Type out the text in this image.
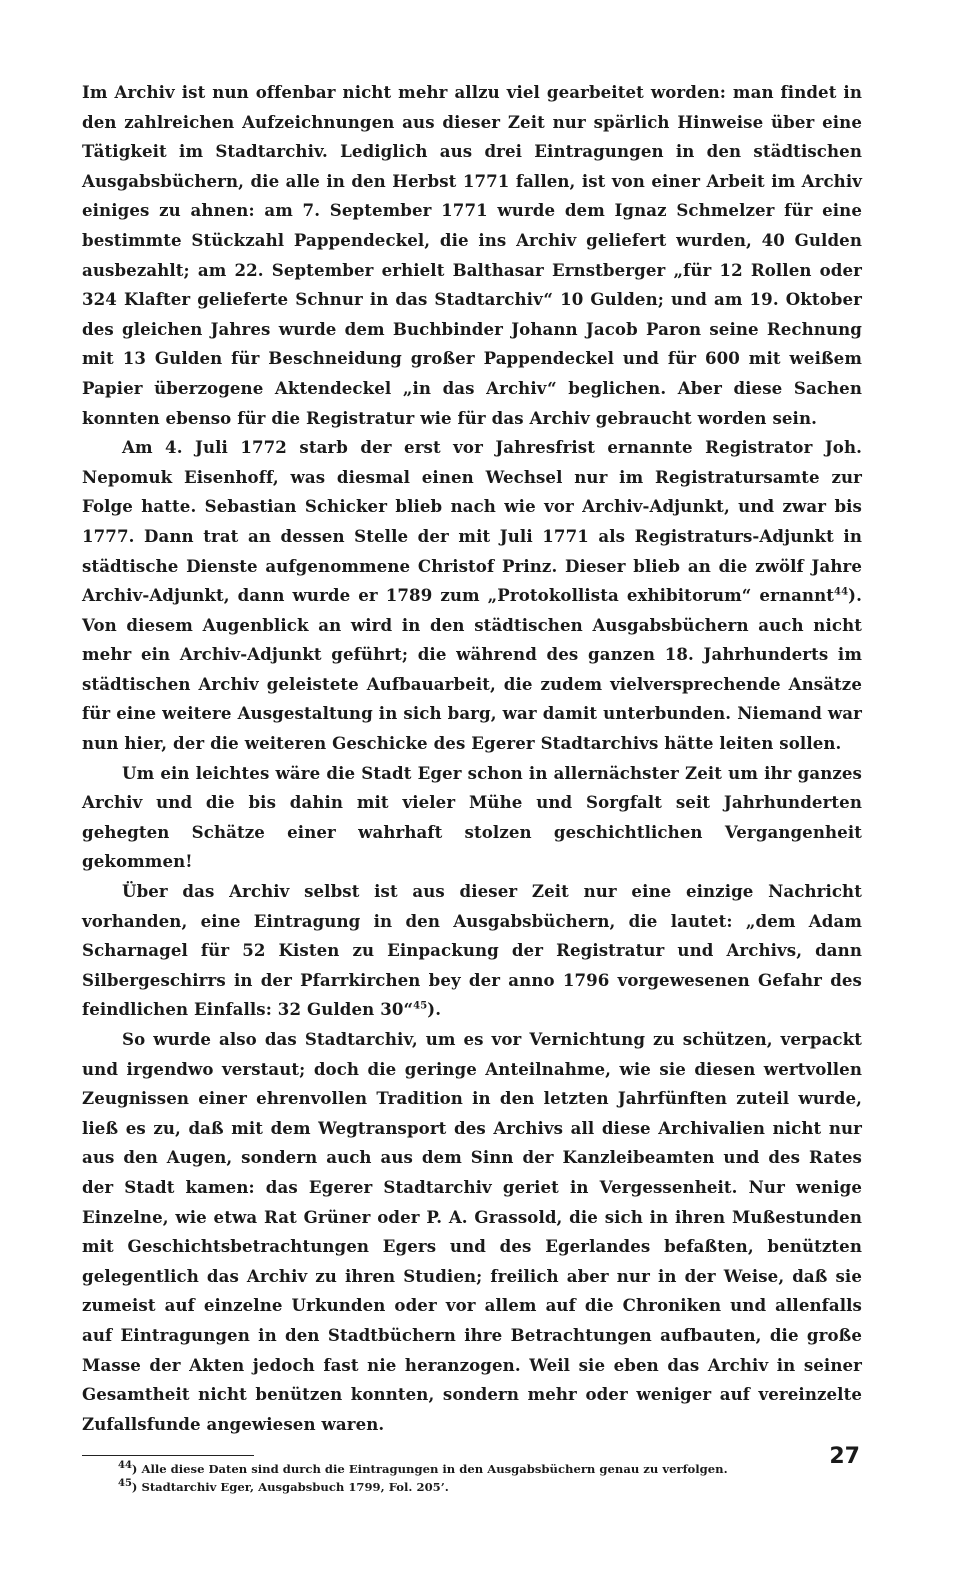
Im Archiv ist nun offenbar nicht mehr allzu viel gearbeitet worden: man findet in den zahlreichen Aufzeichnungen aus dieser Zeit nur spärlich Hinweise über eine Tätigkeit im Stadtarchiv. Lediglich aus drei Eintragungen in den städtischen Ausgabsbüchern, die alle in den Herbst 1771 fallen, ist von einer Arbeit im Archiv einiges zu ahnen: am 7. September 1771 wurde dem Ignaz Schmelzer für eine bestimmte Stückzahl Pappendeckel, die ins Archiv geliefert wurden, 40 Gulden ausbezahlt; am 22. September erhielt Balthasar Ernstberger „für 12 Rollen oder 324 Klafter gelieferte Schnur in das Stadtarchiv“ 10 Gulden; und am 19. Oktober des gleichen Jahres wurde dem Buchbinder Johann Jacob Paron seine Rechnung mit 13 Gulden für Beschneidung großer Pappendeckel und für 600 mit weißem Papier überzogene Aktendeckel „in das Archiv“ beglichen. Aber diese Sachen konnten ebenso für die Registratur wie für das Archiv gebraucht worden sein.

Am 4. Juli 1772 starb der erst vor Jahresfrist ernannte Registrator Joh. Nepomuk Eisenhoff, was diesmal einen Wechsel nur im Registratursamte zur Folge hatte. Sebastian Schicker blieb nach wie vor Archiv-Adjunkt, und zwar bis 1777. Dann trat an dessen Stelle der mit Juli 1771 als Registraturs-Adjunkt in städtische Dienste aufgenommene Christof Prinz. Dieser blieb an die zwölf Jahre Archiv-Adjunkt, dann wurde er 1789 zum „Protokollista exhibitorum“ ernannt$^{44}$). Von diesem Augenblick an wird in den städtischen Ausgabsbüchern auch nicht mehr ein Archiv-Adjunkt geführt; die während des ganzen 18. Jahrhunderts im städtischen Archiv geleistete Aufbauarbeit, die zudem vielversprechende Ansätze für eine weitere Ausgestaltung in sich barg, war damit unterbunden. Niemand war nun hier, der die weiteren Geschicke des Egerer Stadtarchivs hätte leiten sollen.

Um ein leichtes wäre die Stadt Eger schon in allernächster Zeit um ihr ganzes Archiv und die bis dahin mit vieler Mühe und Sorgfalt seit Jahrhunderten gehegten Schätze einer wahrhaft stolzen geschichtlichen Vergangenheit gekommen!

Über das Archiv selbst ist aus dieser Zeit nur eine einzige Nachricht vorhanden, eine Eintragung in den Ausgabsbüchern, die lautet: „dem Adam Scharnagel für 52 Kisten zu Einpackung der Registratur und Archivs, dann Silbergeschirrs in der Pfarrkirchen bey der anno 1796 vorgewesenen Gefahr des feindlichen Einfalls: 32 Gulden 30“$^{45}$).

So wurde also das Stadtarchiv, um es vor Vernichtung zu schützen, verpackt und irgendwo verstaut; doch die geringe Anteilnahme, wie sie diesen wertvollen Zeugnissen einer ehrenvollen Tradition in den letzten Jahrfünften zuteil wurde, ließ es zu, daß mit dem Wegtransport des Archivs all diese Archivalien nicht nur aus den Augen, sondern auch aus dem Sinn der Kanzleibeamten und des Rates der Stadt kamen: das Egerer Stadtarchiv geriet in Vergessenheit. Nur wenige Einzelne, wie etwa Rat Grüner oder P. A. Grassold, die sich in ihren Mußestunden mit Geschichtsbetrachtungen Egers und des Egerlandes befaßten, benützten gelegentlich das Archiv zu ihren Studien; freilich aber nur in der Weise, daß sie zumeist auf einzelne Urkunden oder vor allem auf die Chroniken und allenfalls auf Eintragungen in den Stadtbüchern ihre Betrachtungen aufbauten, die große Masse der Akten jedoch fast nie heranzogen. Weil sie eben das Archiv in seiner Gesamtheit nicht benützen konnten, sondern mehr oder weniger auf vereinzelte Zufallsfunde angewiesen waren.

$^{44}$) Alle diese Daten sind durch die Eintragungen in den Ausgabsbüchern genau zu verfolgen.

$^{45}$) Stadtarchiv Eger, Ausgabsbuch 1799, Fol. 205’.

27
